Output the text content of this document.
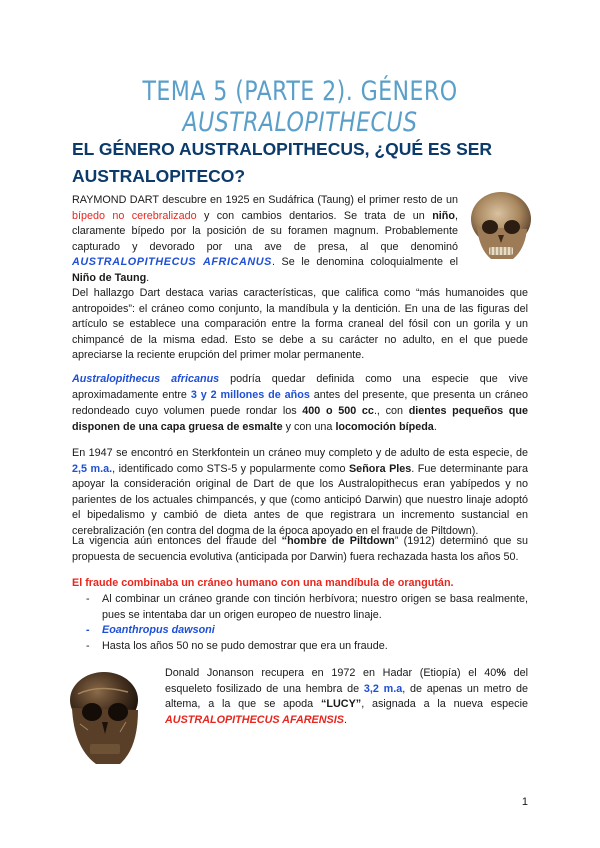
TEMA 5 (PARTE 2). GÉNERO AUSTRALOPITHECUS
EL GÉNERO AUSTRALOPITHECUS, ¿QUÉ ES SER AUSTRALOPITECO?
RAYMOND DART descubre en 1925 en Sudáfrica (Taung) el primer resto de un bípedo no cerebralizado y con cambios dentarios. Se trata de un niño, claramente bípedo por la posición de su foramen magnum. Probablemente capturado y devorado por una ave de presa, al que denominó AUSTRALOPITHECUS AFRICANUS. Se le denomina coloquialmente el Niño de Taung.
Del hallazgo Dart destaca varias características, que califica como “más humanoides que antropoides”: el cráneo como conjunto, la mandíbula y la dentición. En una de las figuras del artículo se establece una comparación entre la forma craneal del fósil con un gorila y un chimpancé de la misma edad. Esto se debe a su carácter no adulto, en el que puede apreciarse la reciente erupción del primer molar permanente.
Australopithecus africanus podría quedar definida como una especie que vive aproximadamente entre 3 y 2 millones de años antes del presente, que presenta un cráneo redondeado cuyo volumen puede rondar los 400 o 500 cc., con dientes pequeños que disponen de una capa gruesa de esmalte y con una locomoción bípeda.
En 1947 se encontró en Sterkfontein un cráneo muy completo y de adulto de esta especie, de 2,5 m.a., identificado como STS-5 y popularmente como Señora Ples. Fue determinante para apoyar la consideración original de Dart de que los Australopithecus eran yabípedos y no parientes de los actuales chimpancés, y que (como anticipó Darwin) que nuestro linaje adoptó el bipedalismo y cambió de dieta antes de que registrara un incremento sustancial en cerebralización (en contra del dogma de la época apoyado en el fraude de Piltdown).
La vigencia aún entonces del fraude del “hombre de Piltdown” (1912) determinó que su propuesta de secuencia evolutiva (anticipada por Darwin) fuera rechazada hasta los años 50.
El fraude combinaba un cráneo humano con una mandíbula de orangután.
- Al combinar un cráneo grande con tinción herbívora; nuestro origen se basa realmente, pues se intentaba dar un origen europeo de nuestro linaje.
- Eoanthropus dawsoni
- Hasta los años 50 no se pudo demostrar que era un fraude.
Donald Jonanson recupera en 1972 en Hadar (Etiopía) el 40% del esqueleto fosilizado de una hembra de 3,2 m.a, de apenas un metro de altema, a la que se apoda “LUCY”, asignada a la nueva especie AUSTRALOPITHECUS AFARENSIS.
1
